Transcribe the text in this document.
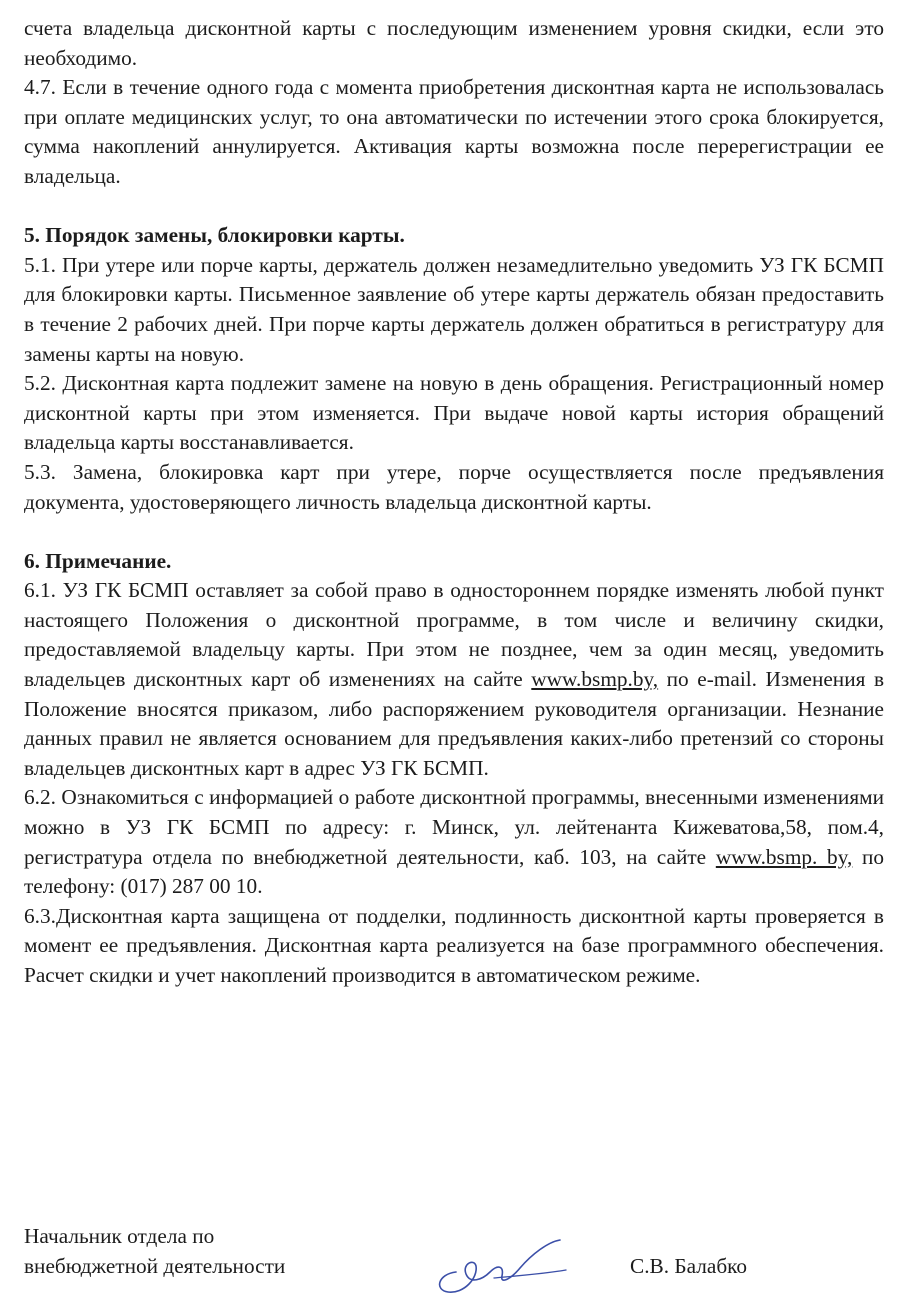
счета владельца дисконтной карты с последующим изменением уровня скидки, если это необходимо.

4.7. Если в течение одного года с момента приобретения дисконтная карта не использовалась при оплате медицинских услуг, то она автоматически по истечении этого срока блокируется, сумма накоплений аннулируется. Активация карты возможна после перерегистрации ее владельца.

5. Порядок замены, блокировки карты.

5.1. При утере или порче карты, держатель должен незамедлительно уведомить УЗ ГК БСМП для блокировки карты. Письменное заявление об утере карты держатель обязан предоставить в течение 2 рабочих дней. При порче карты держатель должен обратиться в регистратуру для замены карты на новую.

5.2. Дисконтная карта подлежит замене на новую в день обращения. Регистрационный номер дисконтной карты при этом изменяется. При выдаче новой карты история обращений владельца карты восстанавливается.

5.3. Замена, блокировка карт при утере, порче осуществляется после предъявления документа, удостоверяющего личность владельца дисконтной карты.

6. Примечание.

6.1. УЗ ГК БСМП оставляет за собой право в одностороннем порядке изменять любой пункт настоящего Положения о дисконтной программе, в том числе и величину скидки, предоставляемой владельцу карты. При этом не позднее, чем за один месяц, уведомить владельцев дисконтных карт об изменениях на сайте www.bsmp.by, по e-mail. Изменения в Положение вносятся приказом, либо распоряжением руководителя организации. Незнание данных правил не является основанием для предъявления каких-либо претензий со стороны владельцев дисконтных карт в адрес УЗ ГК БСМП.

6.2. Ознакомиться с информацией о работе дисконтной программы, внесенными изменениями можно в УЗ ГК БСМП по адресу: г. Минск, ул. лейтенанта Кижеватова,58, пом.4, регистратура отдела по внебюджетной деятельности, каб. 103, на сайте www.bsmp. by, по телефону: (017) 287 00 10.

6.3.Дисконтная карта защищена от подделки, подлинность дисконтной карты проверяется в момент ее предъявления. Дисконтная карта реализуется на базе программного обеспечения. Расчет скидки и учет накоплений производится в автоматическом режиме.

Начальник отдела по
внебюджетной деятельности	С.В. Балабко
